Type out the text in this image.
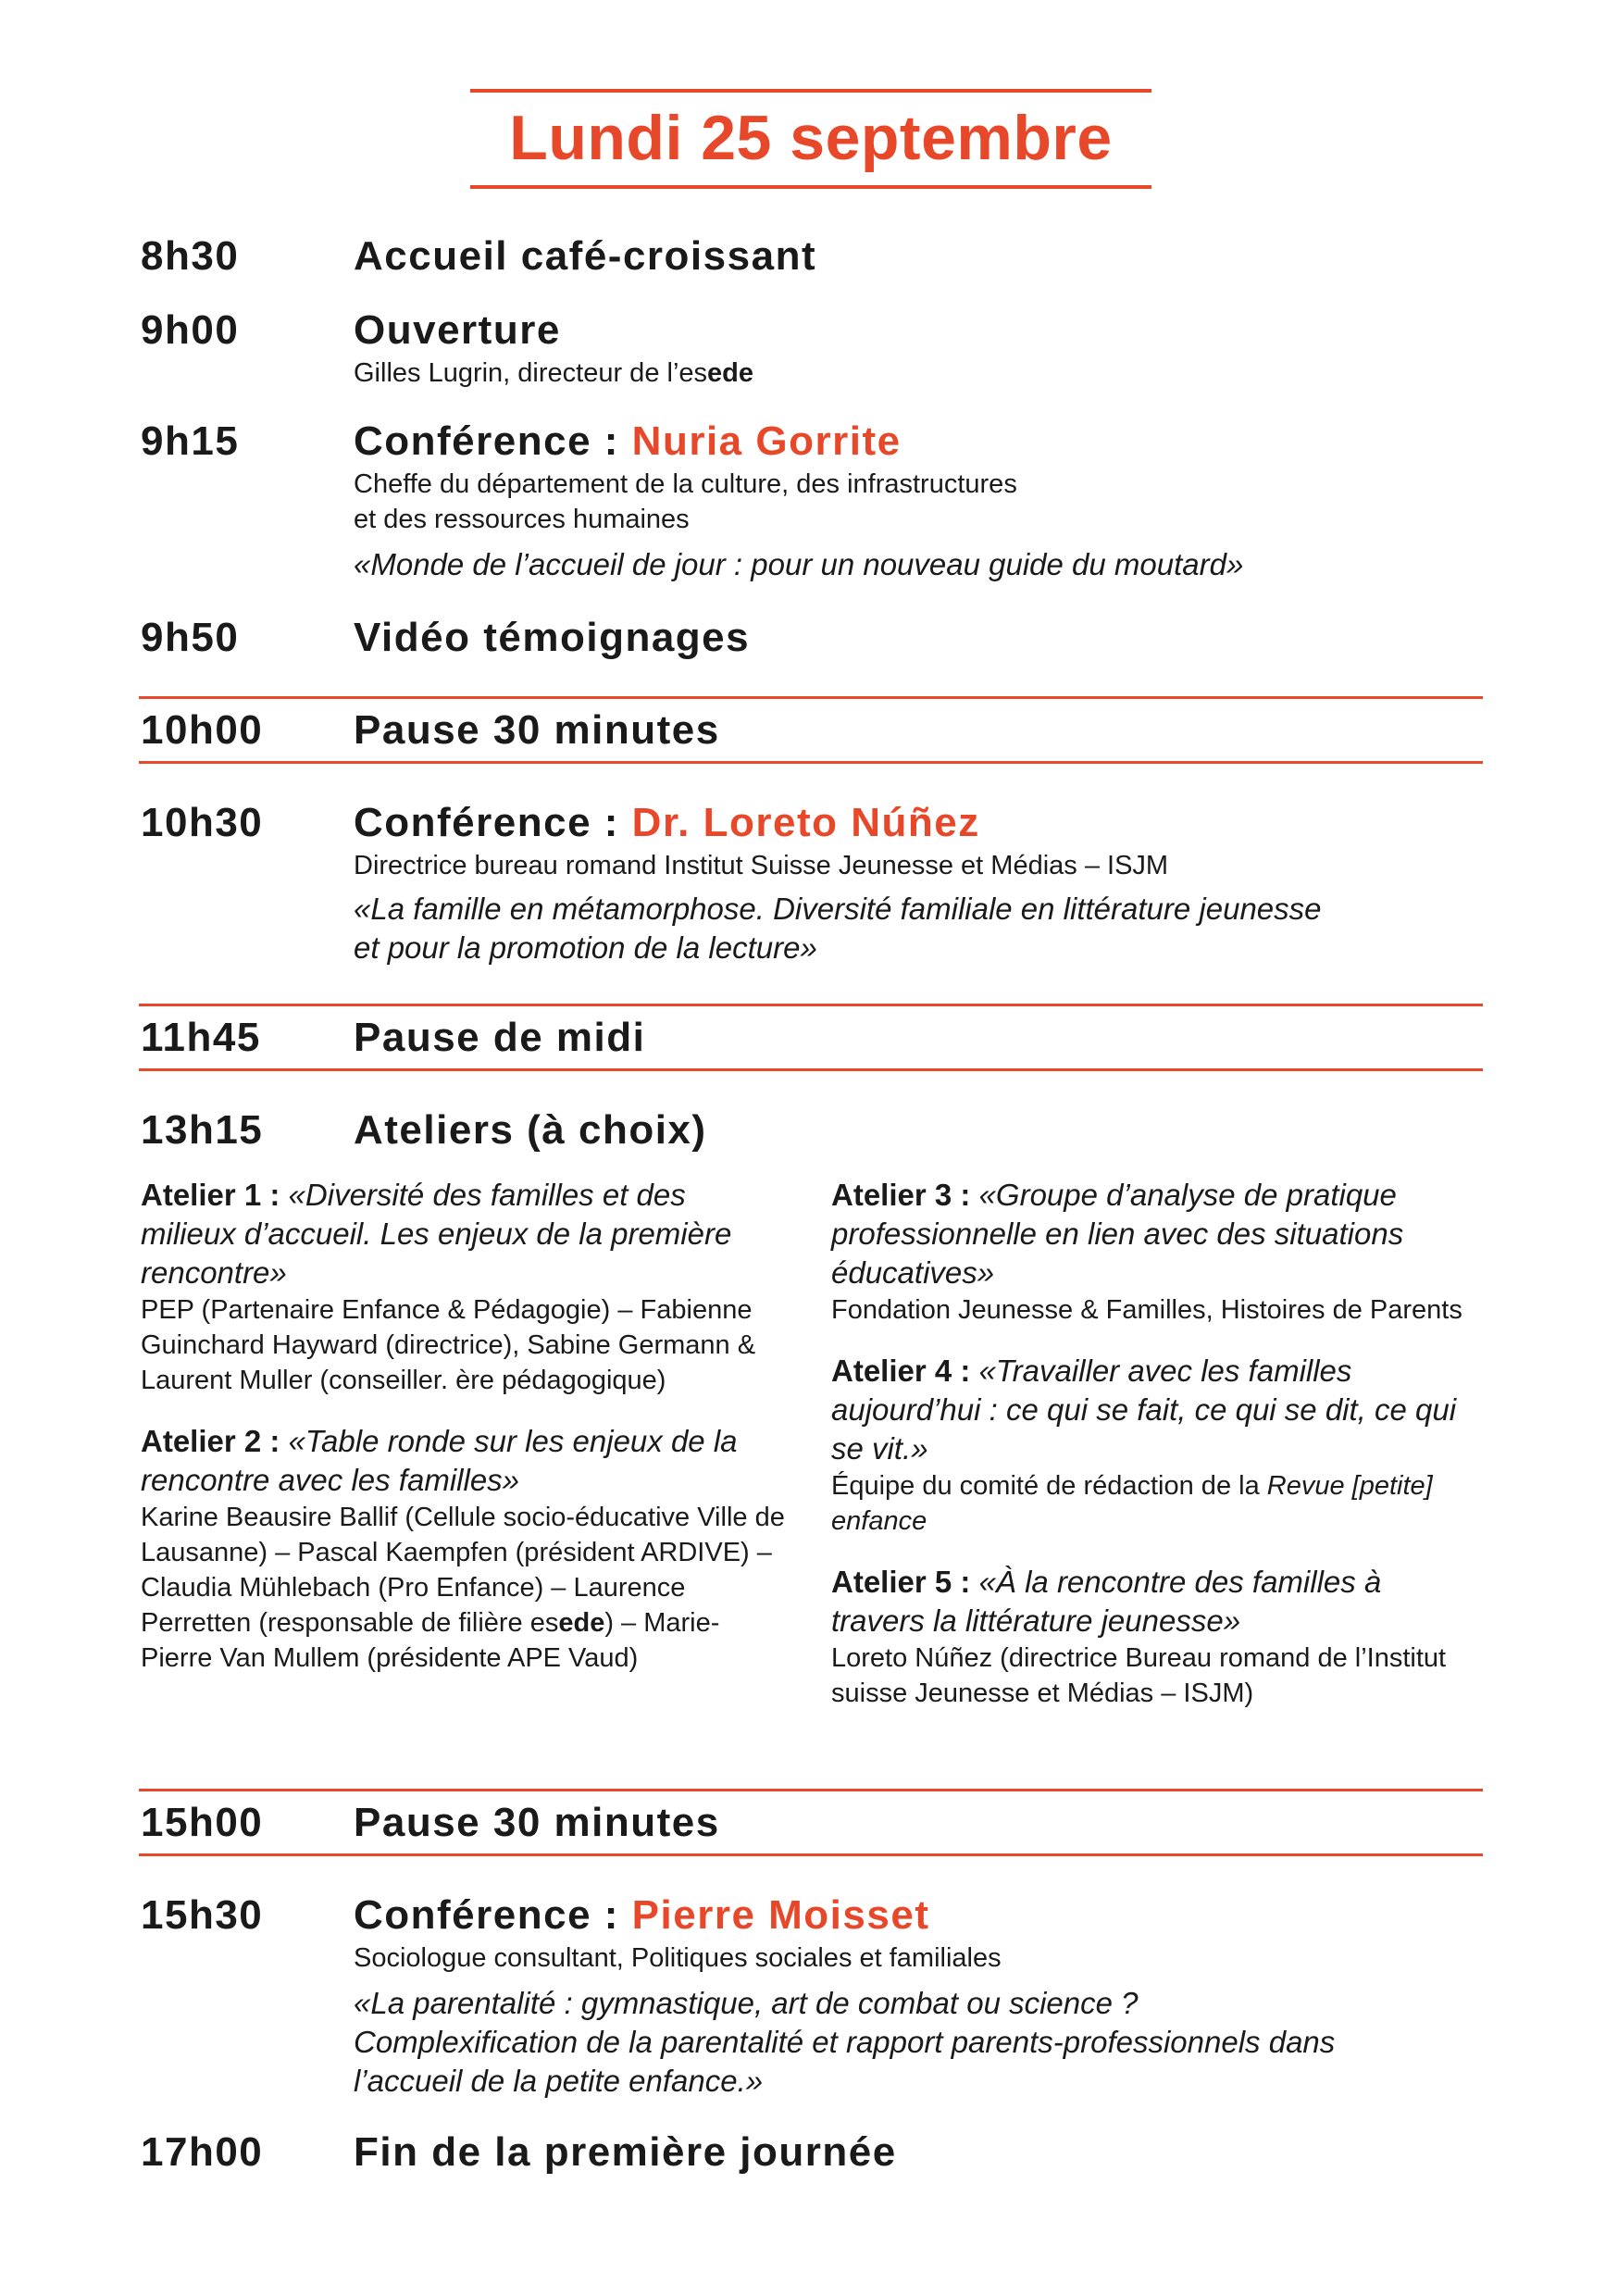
Lundi 25 septembre
8h30	Accueil café-croissant
9h00	Ouverture
Gilles Lugrin, directeur de l’esede
9h15	Conférence : Nuria Gorrite
Cheffe du département de la culture, des infrastructures
et des ressources humaines
«Monde de l’accueil de jour : pour un nouveau guide du moutard»
9h50	Vidéo témoignages
10h00 Pause 30 minutes
10h30 Conférence : Dr. Loreto Núñez
Directrice bureau romand Institut Suisse Jeunesse et Médias – ISJM
«La famille en métamorphose. Diversité familiale en littérature jeunesse
et pour la promotion de la lecture»
11h45 Pause de midi
13h15 Ateliers (à choix)
Atelier 1 : «Diversité des familles et des milieux d’accueil. Les enjeux de la première rencontre»
PEP (Partenaire Enfance & Pédagogie) – Fabienne Guinchard Hayward (directrice), Sabine Germann & Laurent Muller (conseiller. ère pédagogique)
Atelier 2 : «Table ronde sur les enjeux de la rencontre avec les familles»
Karine Beausire Ballif (Cellule socio-éducative Ville de Lausanne) – Pascal Kaempfen (président ARDIVE) – Claudia Mühlebach (Pro Enfance) – Laurence Perretten (responsable de filière esede) – Marie-Pierre Van Mullem (présidente APE Vaud)
Atelier 3 : «Groupe d’analyse de pratique professionnelle en lien avec des situations éducatives»
Fondation Jeunesse & Familles, Histoires de Parents
Atelier 4 : «Travailler avec les familles aujourd’hui : ce qui se fait, ce qui se dit, ce qui se vit.»
Équipe du comité de rédaction de la Revue [petite] enfance
Atelier 5 : «À la rencontre des familles à travers la littérature jeunesse»
Loreto Núñez (directrice Bureau romand de l’Institut suisse Jeunesse et Médias – ISJM)
15h00 Pause 30 minutes
15h30 Conférence : Pierre Moisset
Sociologue consultant, Politiques sociales et familiales
«La parentalité : gymnastique, art de combat ou science ?
Complexification de la parentalité et rapport parents-professionnels dans
l’accueil de la petite enfance.»
17h00 Fin de la première journée
